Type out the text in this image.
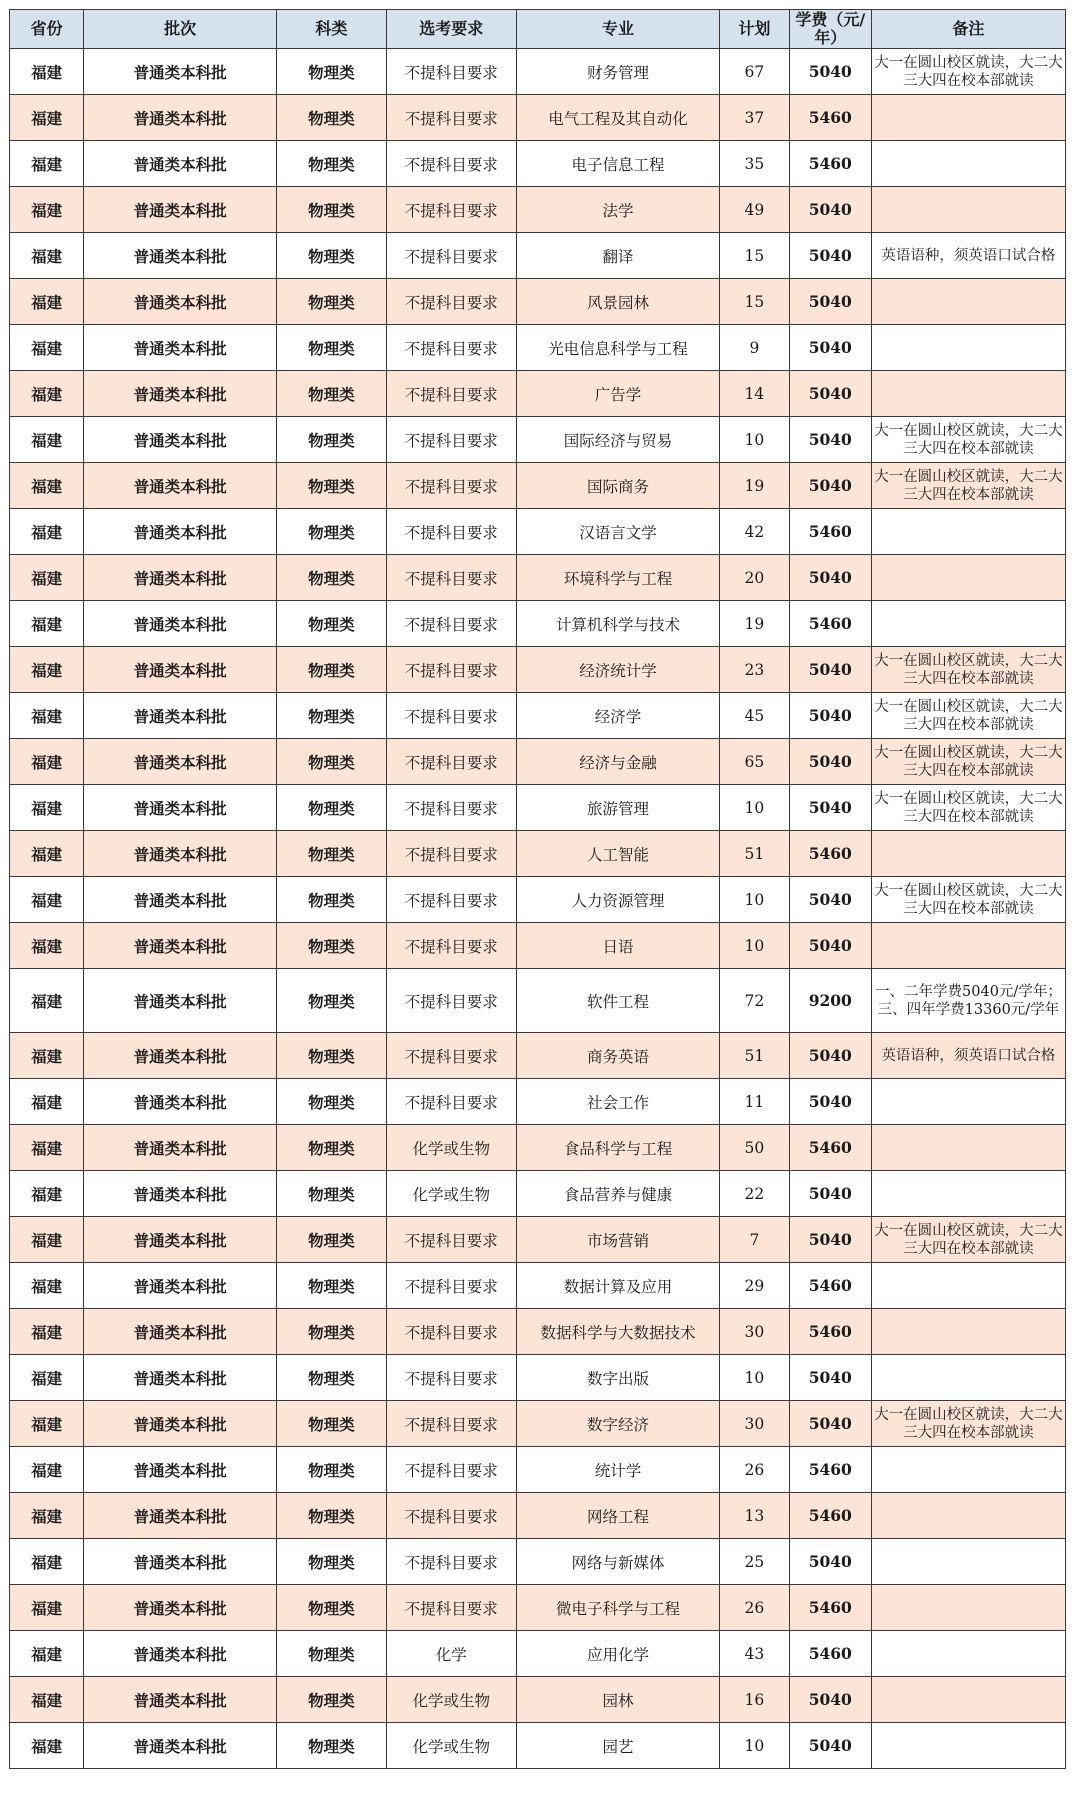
省份	批次	科类	选考要求	专业	计划	学费（元/年）	备注
福建	普通类本科批	物理类	不提科目要求	财务管理	67	5040	大一在圆山校区就读，大二大三大四在校本部就读
福建	普通类本科批	物理类	不提科目要求	电气工程及其自动化	37	5460	
福建	普通类本科批	物理类	不提科目要求	电子信息工程	35	5460	
福建	普通类本科批	物理类	不提科目要求	法学	49	5040	
福建	普通类本科批	物理类	不提科目要求	翻译	15	5040	英语语种，须英语口试合格
福建	普通类本科批	物理类	不提科目要求	风景园林	15	5040	
福建	普通类本科批	物理类	不提科目要求	光电信息科学与工程	9	5040	
福建	普通类本科批	物理类	不提科目要求	广告学	14	5040	
福建	普通类本科批	物理类	不提科目要求	国际经济与贸易	10	5040	大一在圆山校区就读，大二大三大四在校本部就读
福建	普通类本科批	物理类	不提科目要求	国际商务	19	5040	大一在圆山校区就读，大二大三大四在校本部就读
福建	普通类本科批	物理类	不提科目要求	汉语言文学	42	5460	
福建	普通类本科批	物理类	不提科目要求	环境科学与工程	20	5040	
福建	普通类本科批	物理类	不提科目要求	计算机科学与技术	19	5460	
福建	普通类本科批	物理类	不提科目要求	经济统计学	23	5040	大一在圆山校区就读，大二大三大四在校本部就读
福建	普通类本科批	物理类	不提科目要求	经济学	45	5040	大一在圆山校区就读，大二大三大四在校本部就读
福建	普通类本科批	物理类	不提科目要求	经济与金融	65	5040	大一在圆山校区就读，大二大三大四在校本部就读
福建	普通类本科批	物理类	不提科目要求	旅游管理	10	5040	大一在圆山校区就读，大二大三大四在校本部就读
福建	普通类本科批	物理类	不提科目要求	人工智能	51	5460	
福建	普通类本科批	物理类	不提科目要求	人力资源管理	10	5040	大一在圆山校区就读，大二大三大四在校本部就读
福建	普通类本科批	物理类	不提科目要求	日语	10	5040	
福建	普通类本科批	物理类	不提科目要求	软件工程	72	9200	一、二年学费5040元/学年；三、四年学费13360元/学年
福建	普通类本科批	物理类	不提科目要求	商务英语	51	5040	英语语种，须英语口试合格
福建	普通类本科批	物理类	不提科目要求	社会工作	11	5040	
福建	普通类本科批	物理类	化学或生物	食品科学与工程	50	5460	
福建	普通类本科批	物理类	化学或生物	食品营养与健康	22	5040	
福建	普通类本科批	物理类	不提科目要求	市场营销	7	5040	大一在圆山校区就读，大二大三大四在校本部就读
福建	普通类本科批	物理类	不提科目要求	数据计算及应用	29	5460	
福建	普通类本科批	物理类	不提科目要求	数据科学与大数据技术	30	5460	
福建	普通类本科批	物理类	不提科目要求	数字出版	10	5040	
福建	普通类本科批	物理类	不提科目要求	数字经济	30	5040	大一在圆山校区就读，大二大三大四在校本部就读
福建	普通类本科批	物理类	不提科目要求	统计学	26	5460	
福建	普通类本科批	物理类	不提科目要求	网络工程	13	5460	
福建	普通类本科批	物理类	不提科目要求	网络与新媒体	25	5040	
福建	普通类本科批	物理类	不提科目要求	微电子科学与工程	26	5460	
福建	普通类本科批	物理类	化学	应用化学	43	5460	
福建	普通类本科批	物理类	化学或生物	园林	16	5040	
福建	普通类本科批	物理类	化学或生物	园艺	10	5040	
